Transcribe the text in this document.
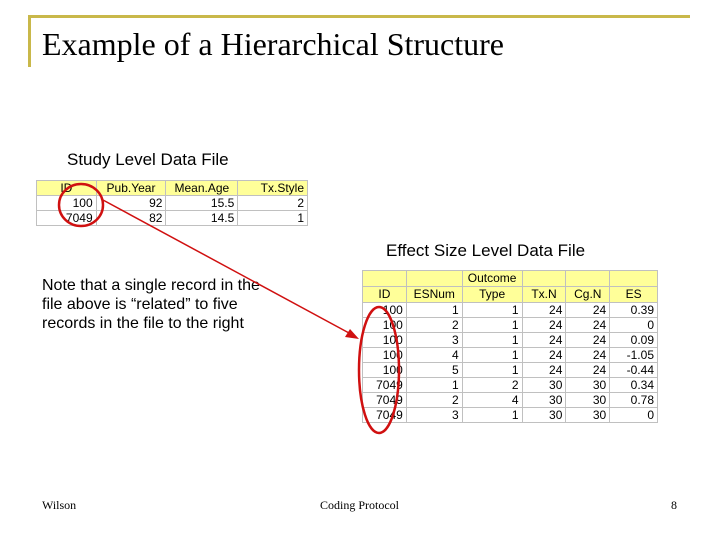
Example of a Hierarchical Structure
Study Level Data File
ID	Pub.Year	Mean.Age	Tx.Style
100	92	15.5	2
7049	82	14.5	1
Effect Size Level Data File
		Outcome			
ID	ESNum	Type	Tx.N	Cg.N	ES
100	1	1	24	24	0.39
100	2	1	24	24	0
100	3	1	24	24	0.09
100	4	1	24	24	-1.05
100	5	1	24	24	-0.44
7049	1	2	30	30	0.34
7049	2	4	30	30	0.78
7049	3	1	30	30	0
Note that a single record in the file above is “related” to five records in the file to the right
Wilson	Coding Protocol	8
